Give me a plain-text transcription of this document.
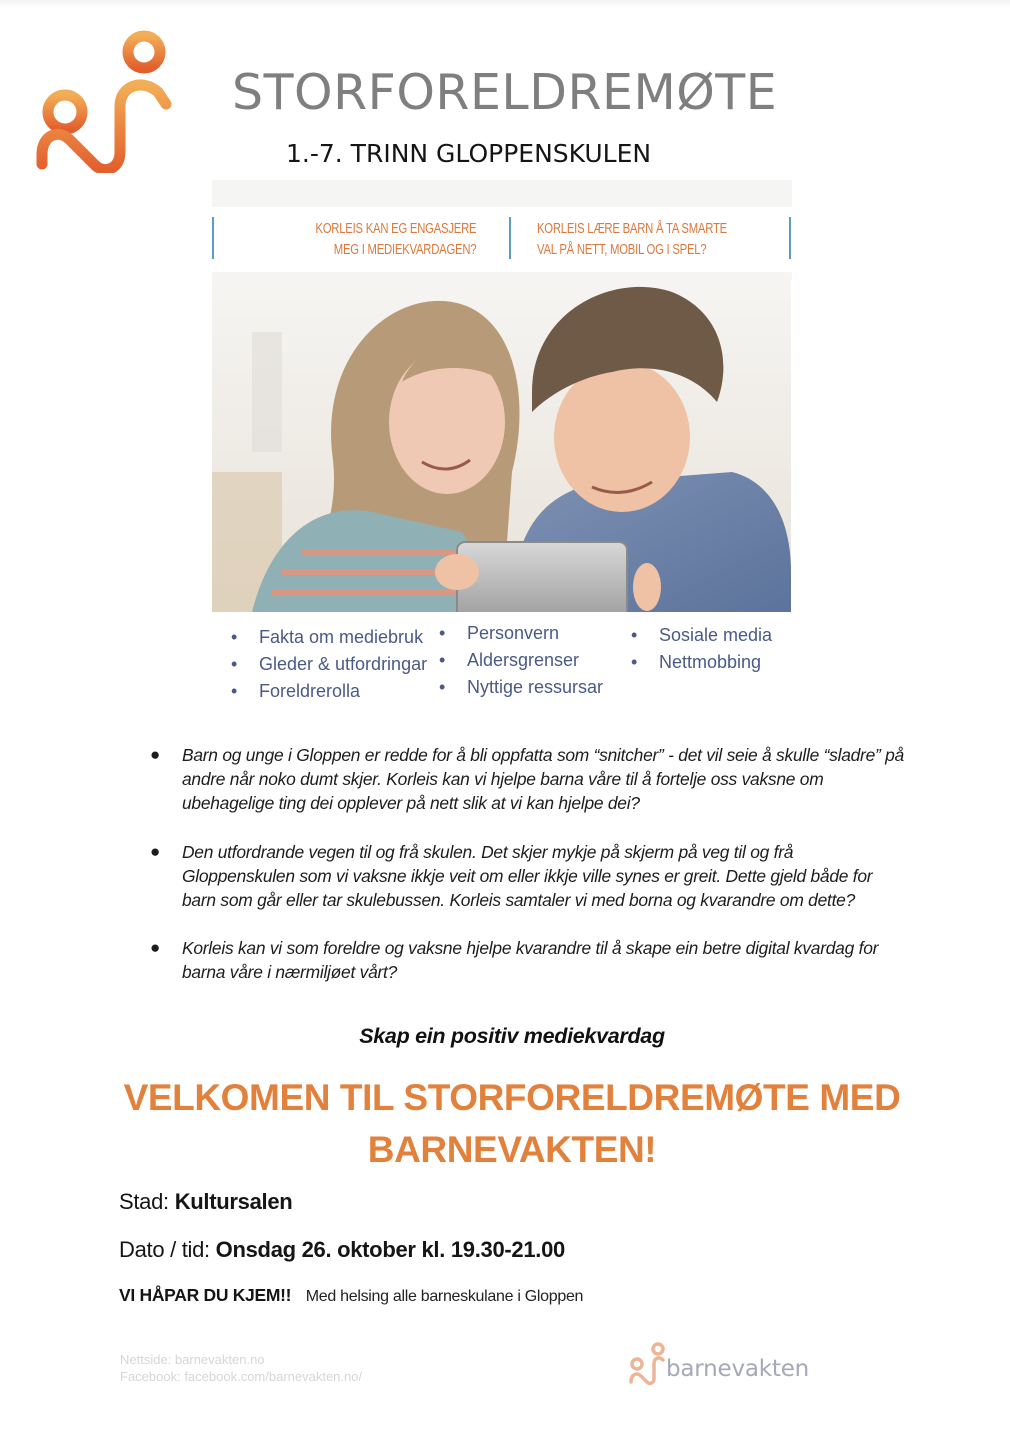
STORFORELDREMØTE
1.-7. TRINN GLOPPENSKULEN
KORLEIS KAN EG ENGASJERE
MEG I MEDIEKVARDAGEN?
KORLEIS LÆRE BARN Å TA SMARTE
VAL PÅ NETT, MOBIL OG I SPEL?
• Fakta om mediebruk
• Gleder & utfordringar
• Foreldrerolla
• Personvern
• Aldersgrenser
• Nyttige ressursar
• Sosiale media
• Nettmobbing
● Barn og unge i Gloppen er redde for å bli oppfatta som “snitcher” - det vil seie å skulle “sladre” på andre når noko dumt skjer. Korleis kan vi hjelpe barna våre til å fortelje oss vaksne om ubehagelige ting dei opplever på nett slik at vi kan hjelpe dei?
● Den utfordrande vegen til og frå skulen. Det skjer mykje på skjerm på veg til og frå Gloppenskulen som vi vaksne ikkje veit om eller ikkje ville synes er greit. Dette gjeld både for barn som går eller tar skulebussen. Korleis samtaler vi med borna og kvarandre om dette?
● Korleis kan vi som foreldre og vaksne hjelpe kvarandre til å skape ein betre digital kvardag for barna våre i nærmiljøet vårt?
Skap ein positiv mediekvardag
VELKOMEN TIL STORFORELDREMØTE MED
BARNEVAKTEN!
Stad: Kultursalen
Dato / tid: Onsdag 26. oktober kl. 19.30-21.00
VI HÅPAR DU KJEM!! Med helsing alle barneskulane i Gloppen
Nettside: barnevakten.no
Facebook: facebook.com/barnevakten.no/	barnevakten
